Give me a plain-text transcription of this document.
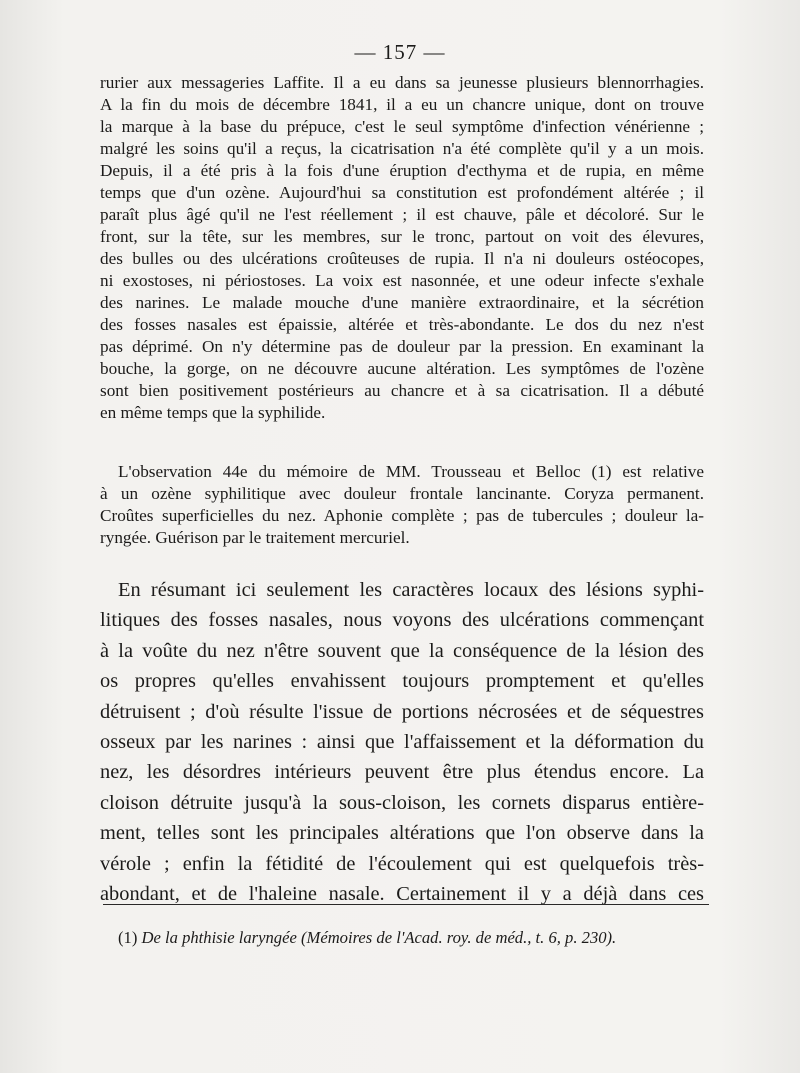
— 157 —
rurier aux messageries Laffite. Il a eu dans sa jeunesse plusieurs blennorrhagies.
A la fin du mois de décembre 1841, il a eu un chancre unique, dont on trouve
la marque à la base du prépuce, c'est le seul symptôme d'infection vénérienne ;
malgré les soins qu'il a reçus, la cicatrisation n'a été complète qu'il y a un mois.
Depuis, il a été pris à la fois d'une éruption d'ecthyma et de rupia, en même
temps que d'un ozène. Aujourd'hui sa constitution est profondément altérée ; il
paraît plus âgé qu'il ne l'est réellement ; il est chauve, pâle et décoloré. Sur le
front, sur la tête, sur les membres, sur le tronc, partout on voit des élevures,
des bulles ou des ulcérations croûteuses de rupia. Il n'a ni douleurs ostéocopes,
ni exostoses, ni périostoses. La voix est nasonnée, et une odeur infecte s'exhale
des narines. Le malade mouche d'une manière extraordinaire, et la sécrétion
des fosses nasales est épaissie, altérée et très-abondante. Le dos du nez n'est
pas déprimé. On n'y détermine pas de douleur par la pression. En examinant la
bouche, la gorge, on ne découvre aucune altération. Les symptômes de l'ozène
sont bien positivement postérieurs au chancre et à sa cicatrisation. Il a débuté
en même temps que la syphilide.
L'observation 44e du mémoire de MM. Trousseau et Belloc (1) est relative
à un ozène syphilitique avec douleur frontale lancinante. Coryza permanent.
Croûtes superficielles du nez. Aphonie complète ; pas de tubercules ; douleur la-
ryngée. Guérison par le traitement mercuriel.
En résumant ici seulement les caractères locaux des lésions syphi-
litiques des fosses nasales, nous voyons des ulcérations commençant
à la voûte du nez n'être souvent que la conséquence de la lésion des
os propres qu'elles envahissent toujours promptement et qu'elles
détruisent ; d'où résulte l'issue de portions nécrosées et de séquestres
osseux par les narines : ainsi que l'affaissement et la déformation du
nez, les désordres intérieurs peuvent être plus étendus encore. La
cloison détruite jusqu'à la sous-cloison, les cornets disparus entière-
ment, telles sont les principales altérations que l'on observe dans la
vérole ; enfin la fétidité de l'écoulement qui est quelquefois très-
abondant, et de l'haleine nasale. Certainement il y a déjà dans ces
(1) De la phthisie laryngée (Mémoires de l'Acad. roy. de méd., t. 6, p. 230).
